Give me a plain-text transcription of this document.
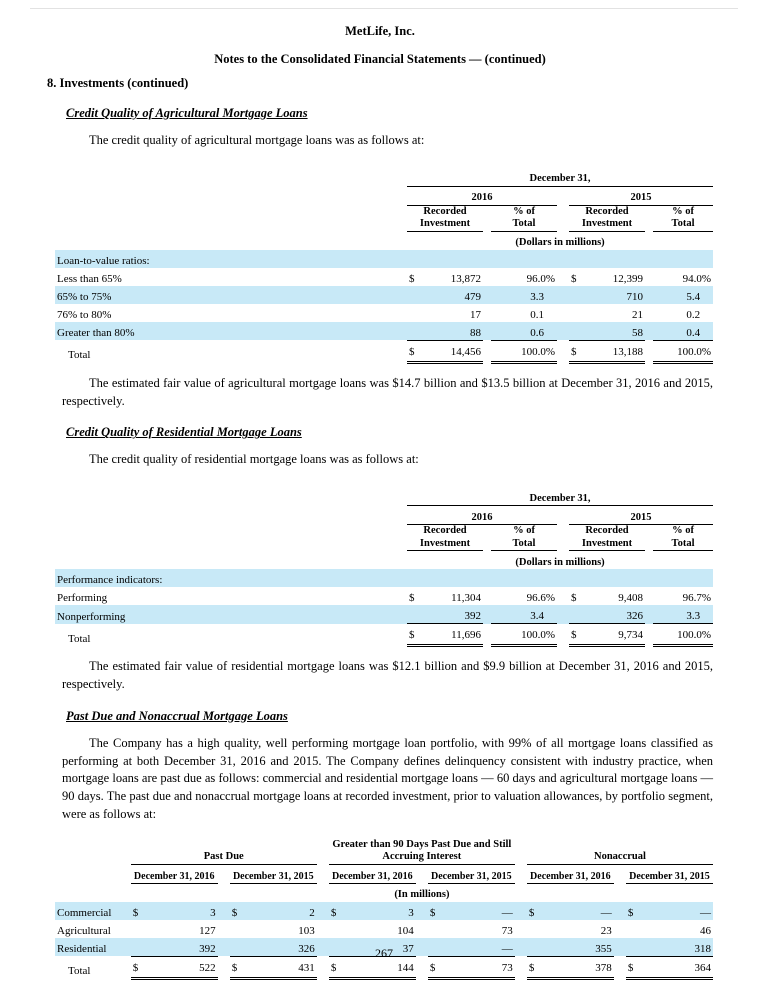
MetLife, Inc.
Notes to the Consolidated Financial Statements — (continued)
8. Investments (continued)
Credit Quality of Agricultural Mortgage Loans
The credit quality of agricultural mortgage loans was as follows at:
	December 31,								
	2016					2015			
	Recorded Investment			% of Total		Recorded Investment			% of Total
	(Dollars in millions)								
Loan-to-value ratios:									
Less than 65%	$	13,872		96.0%		$	12,399		94.0%
65% to 75%		479		3.3			710		5.4
76% to 80%		17		0.1			21		0.2
Greater than 80%		88		0.6			58		0.4
Total	$	14,456		100.0%		$	13,188		100.0%
The estimated fair value of agricultural mortgage loans was $14.7 billion and $13.5 billion at December 31, 2016 and 2015, respectively.
Credit Quality of Residential Mortgage Loans
The credit quality of residential mortgage loans was as follows at:
	December 31,								
	2016					2015			
	Recorded Investment			% of Total		Recorded Investment			% of Total
	(Dollars in millions)								
Performance indicators:									
Performing	$	11,304		96.6%		$	9,408		96.7%
Nonperforming		392		3.4			326		3.3
Total	$	11,696		100.0%		$	9,734		100.0%
The estimated fair value of residential mortgage loans was $12.1 billion and $9.9 billion at December 31, 2016 and 2015, respectively.
Past Due and Nonaccrual Mortgage Loans
The Company has a high quality, well performing mortgage loan portfolio, with 99% of all mortgage loans classified as performing at both December 31, 2016 and 2015. The Company defines delinquency consistent with industry practice, when mortgage loans are past due as follows: commercial and residential mortgage loans — 60 days and agricultural mortgage loans — 90 days. The past due and nonaccrual mortgage loans at recorded investment, prior to valuation allowances, by portfolio segment, were as follows at:
	Past Due						Greater than 90 Days Past Due and Still Accruing Interest						Nonaccrual				
	December 31, 2016			December 31, 2015			December 31, 2016			December 31, 2015			December 31, 2016			December 31, 2015	
	(In millions)																
Commercial	$	3		$	2		$	3		$	—		$	—		$	—
Agricultural		127			103			104			73			23			46
Residential		392			326			37			—			355			318
Total	$	522		$	431		$	144		$	73		$	378		$	364
267
